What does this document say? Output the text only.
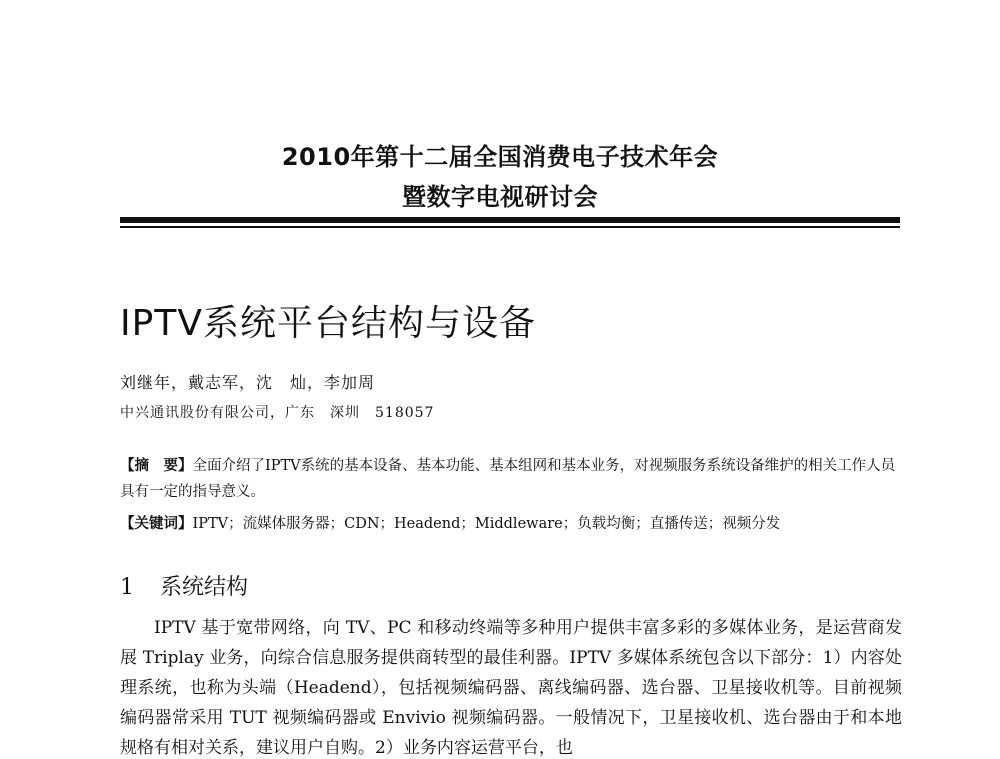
2010年第十二届全国消费电子技术年会
暨数字电视研讨会
IPTV系统平台结构与设备
刘继年，戴志军，沈　灿，李加周
中兴通讯股份有限公司，广东　深圳　518057
【摘　要】全面介绍了IPTV系统的基本设备、基本功能、基本组网和基本业务，对视频服务系统设备维护的相关工作人员具有一定的指导意义。
【关键词】IPTV；流媒体服务器；CDN；Headend；Middleware；负载均衡；直播传送；视频分发
1 系统结构
IPTV 基于宽带网络，向 TV、PC 和移动终端等多种用户提供丰富多彩的多媒体业务，是运营商发展 Triplay 业务，向综合信息服务提供商转型的最佳利器。IPTV 多媒体系统包含以下部分：1）内容处理系统，也称为头端（Headend），包括视频编码器、离线编码器、选台器、卫星接收机等。目前视频编码器常采用 TUT 视频编码器或 Envivio 视频编码器。一般情况下，卫星接收机、选台器由于和本地规格有相对关系，建议用户自购。2）业务内容运营平台，也
